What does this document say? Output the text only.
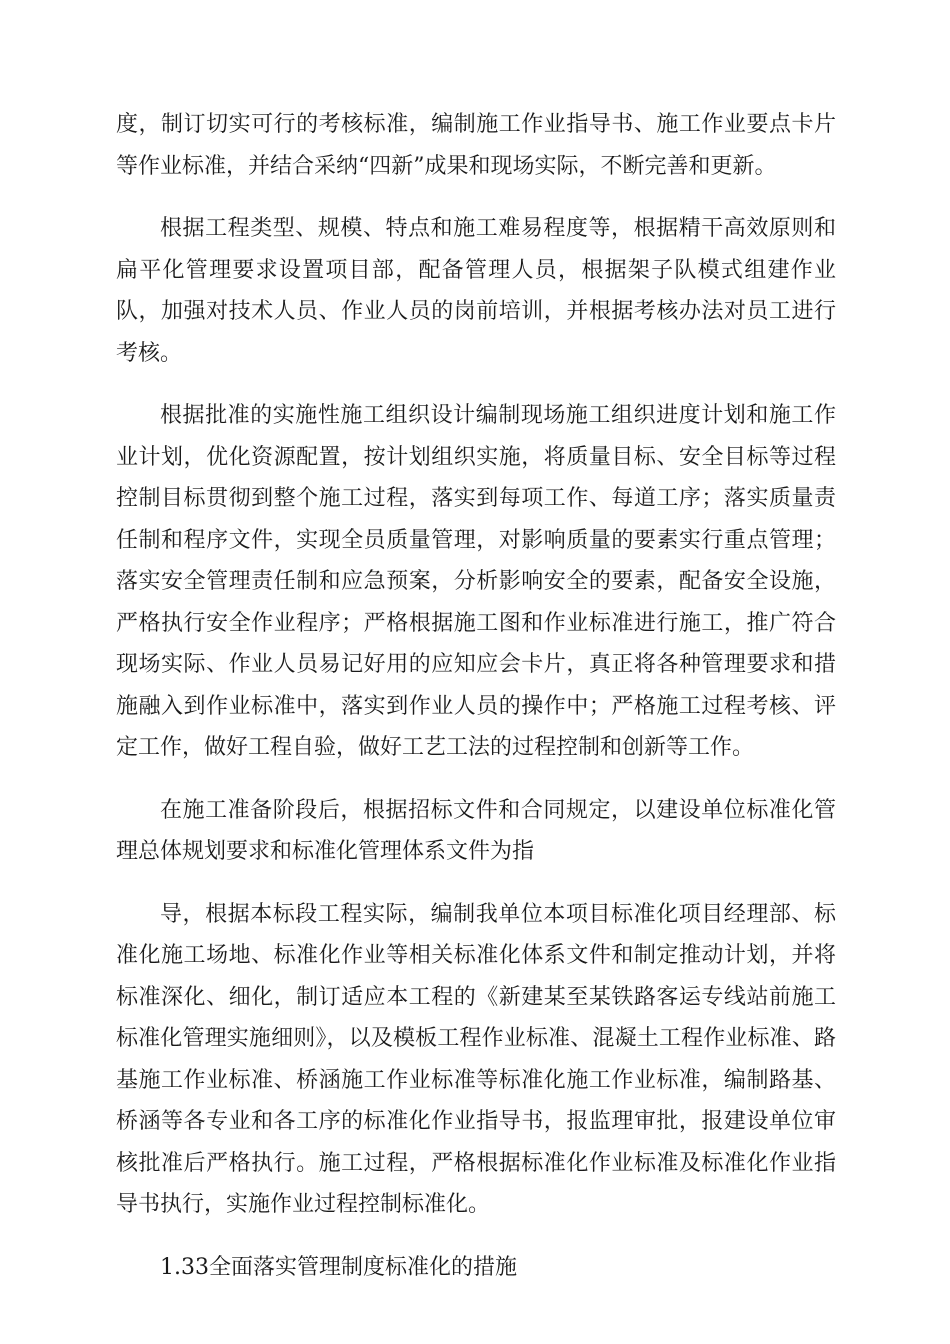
度，制订切实可行的考核标准，编制施工作业指导书、施工作业要点卡片等作业标准，并结合采纳“四新”成果和现场实际，不断完善和更新。

根据工程类型、规模、特点和施工难易程度等，根据精干高效原则和扁平化管理要求设置项目部，配备管理人员，根据架子队模式组建作业队，加强对技术人员、作业人员的岗前培训，并根据考核办法对员工进行考核。

根据批准的实施性施工组织设计编制现场施工组织进度计划和施工作业计划，优化资源配置，按计划组织实施，将质量目标、安全目标等过程控制目标贯彻到整个施工过程，落实到每项工作、每道工序；落实质量责任制和程序文件，实现全员质量管理，对影响质量的要素实行重点管理；落实安全管理责任制和应急预案，分析影响安全的要素，配备安全设施，严格执行安全作业程序；严格根据施工图和作业标准进行施工，推广符合现场实际、作业人员易记好用的应知应会卡片，真正将各种管理要求和措施融入到作业标准中，落实到作业人员的操作中；严格施工过程考核、评定工作，做好工程自验，做好工艺工法的过程控制和创新等工作。

在施工准备阶段后，根据招标文件和合同规定，以建设单位标准化管理总体规划要求和标准化管理体系文件为指

导，根据本标段工程实际，编制我单位本项目标准化项目经理部、标准化施工场地、标准化作业等相关标准化体系文件和制定推动计划，并将标准深化、细化，制订适应本工程的《新建某至某铁路客运专线站前施工标准化管理实施细则》，以及模板工程作业标准、混凝土工程作业标准、路基施工作业标准、桥涵施工作业标准等标准化施工作业标准，编制路基、桥涵等各专业和各工序的标准化作业指导书，报监理审批，报建设单位审核批准后严格执行。施工过程，严格根据标准化作业标准及标准化作业指导书执行，实施作业过程控制标准化。

1.33全面落实管理制度标准化的措施
